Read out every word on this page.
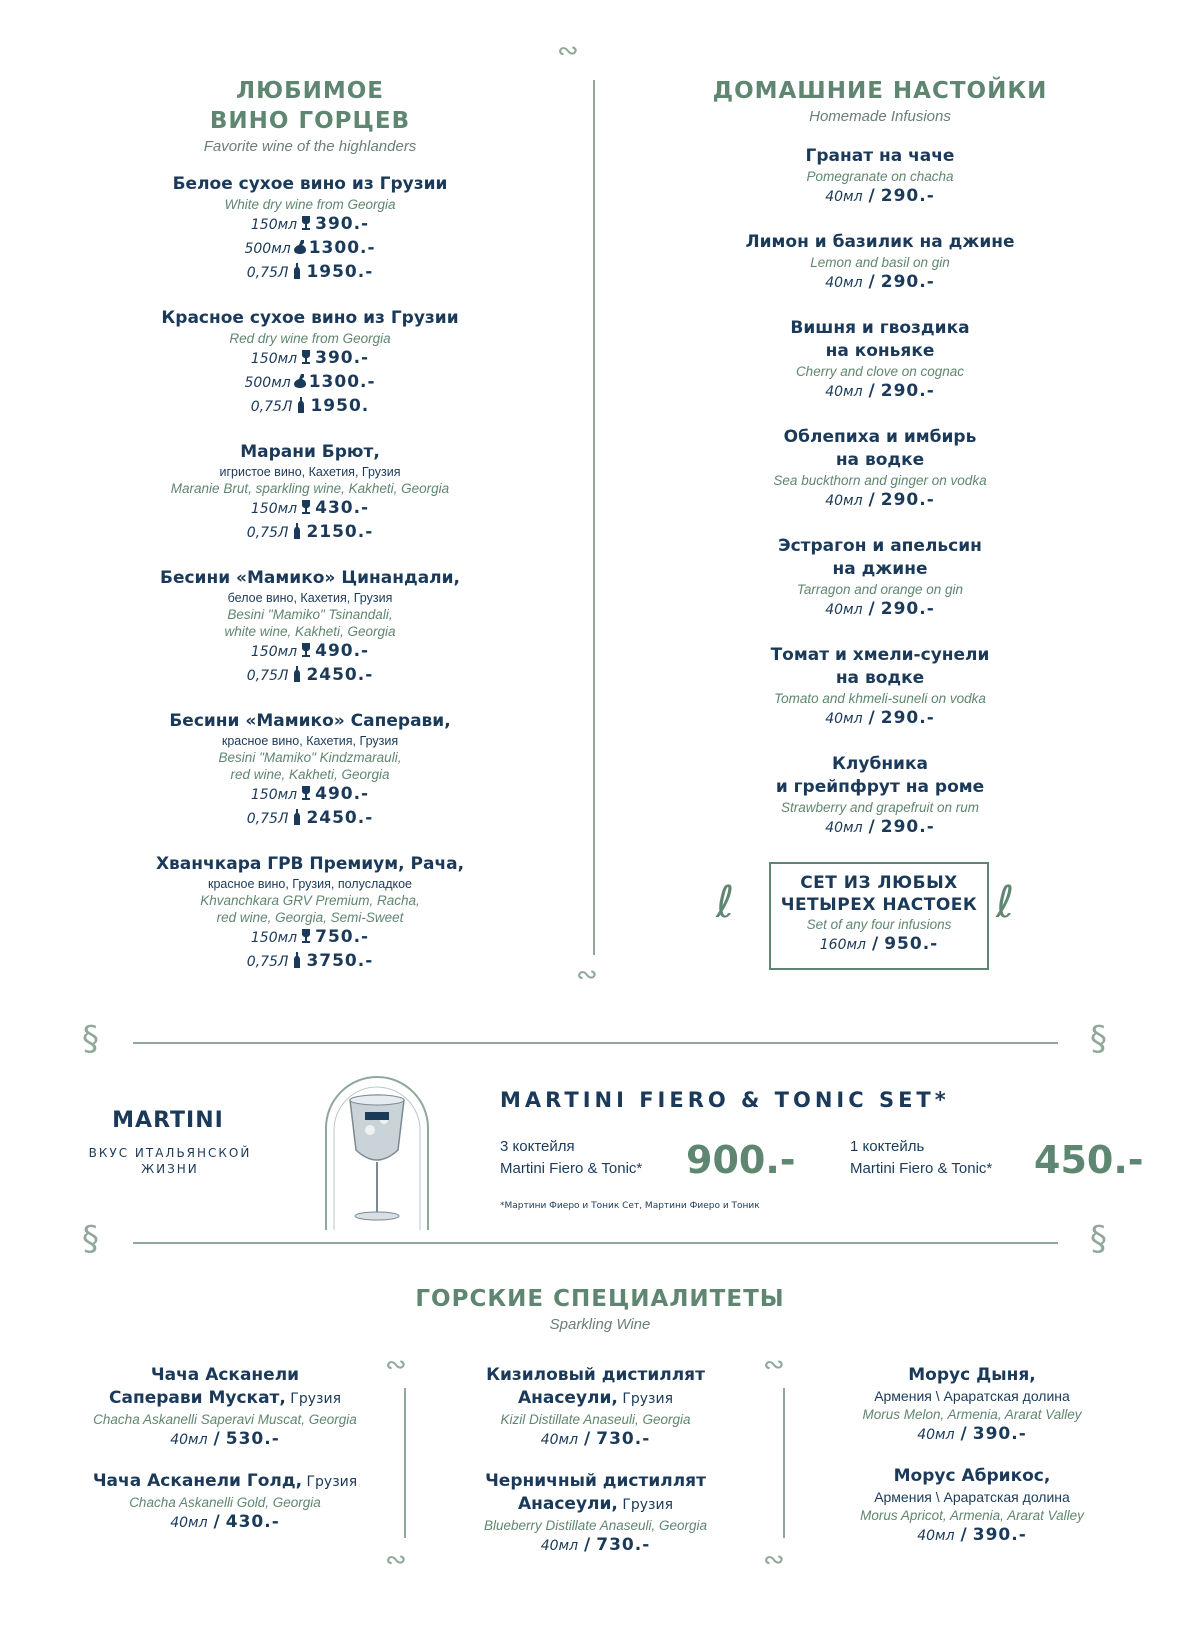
∾
∾
ЛЮБИМОЕ
ВИНО ГОРЦЕВ
Favorite wine of the highlanders
Белое сухое вино из Грузии
White dry wine from Georgia
150мл 390.-
500мл 1300.-
0,75Л 1950.-
Красное сухое вино из Грузии
Red dry wine from Georgia
150мл 390.-
500мл 1300.-
0,75Л 1950.
Марани Брют,
игристое вино, Кахетия, Грузия
Maranie Brut, sparkling wine, Kakheti, Georgia
150мл 430.-
0,75Л 2150.-
Бесини «Мамико» Цинандали,
белое вино, Кахетия, Грузия
Besini "Mamiko" Tsinandali,
white wine, Kakheti, Georgia
150мл 490.-
0,75Л 2450.-
Бесини «Мамико» Саперави,
красное вино, Кахетия, Грузия
Besini "Mamiko" Kindzmarauli,
red wine, Kakheti, Georgia
150мл 490.-
0,75Л 2450.-
Хванчкара ГРВ Премиум, Рача,
красное вино, Грузия, полусладкое
Khvanchkara GRV Premium, Racha,
red wine, Georgia, Semi-Sweet
150мл 750.-
0,75Л 3750.-
ДОМАШНИЕ НАСТОЙКИ
Homemade Infusions
Гранат на чаче
Pomegranate on chacha
40мл / 290.-
Лимон и базилик на джине
Lemon and basil on gin
40мл / 290.-
Вишня и гвоздика
на коньяке
Cherry and clove on cognac
40мл / 290.-
Облепиха и имбирь
на водке
Sea buckthorn and ginger on vodka
40мл / 290.-
Эстрагон и апельсин
на джине
Tarragon and orange on gin
40мл / 290.-
Томат и хмели-сунели
на водке
Tomato and khmeli-suneli on vodka
40мл / 290.-
Клубника
и грейпфрут на роме
Strawberry and grapefruit on rum
40мл / 290.-
ℓ	СЕТ ИЗ ЛЮБЫХ
ЧЕТЫРЕХ НАСТОЕК
Set of any four infusions
160мл / 950.-
ℓ
§	§
MARTINI
ВКУС ИТАЛЬЯНСКОЙ
ЖИЗНИ
MARTINI FIERO & TONIC SET*
3 коктейля
Martini Fiero & Tonic* 900.-	1 коктейль
Martini Fiero & Tonic* 450.-
*Мартини Фиеро и Тоник Сет, Мартини Фиеро и Тоник
§	§
ГОРСКИЕ СПЕЦИАЛИТЕТЫ
Sparkling Wine
∾
∾
∾
∾
Чача Асканели
Саперави Мускат, Грузия
Chacha Askanelli Saperavi Muscat, Georgia
40мл / 530.-
Чача Асканели Голд, Грузия
Chacha Askanelli Gold, Georgia
40мл / 430.-
Кизиловый дистиллят
Анасеули, Грузия
Kizil Distillate Anaseuli, Georgia
40мл / 730.-
Черничный дистиллят
Анасеули, Грузия
Blueberry Distillate Anaseuli, Georgia
40мл / 730.-
Морус Дыня,
Армения \ Араратская долина
Morus Melon, Armenia, Ararat Valley
40мл / 390.-
Морус Абрикос,
Армения \ Араратская долина
Morus Apricot, Armenia, Ararat Valley
40мл / 390.-
